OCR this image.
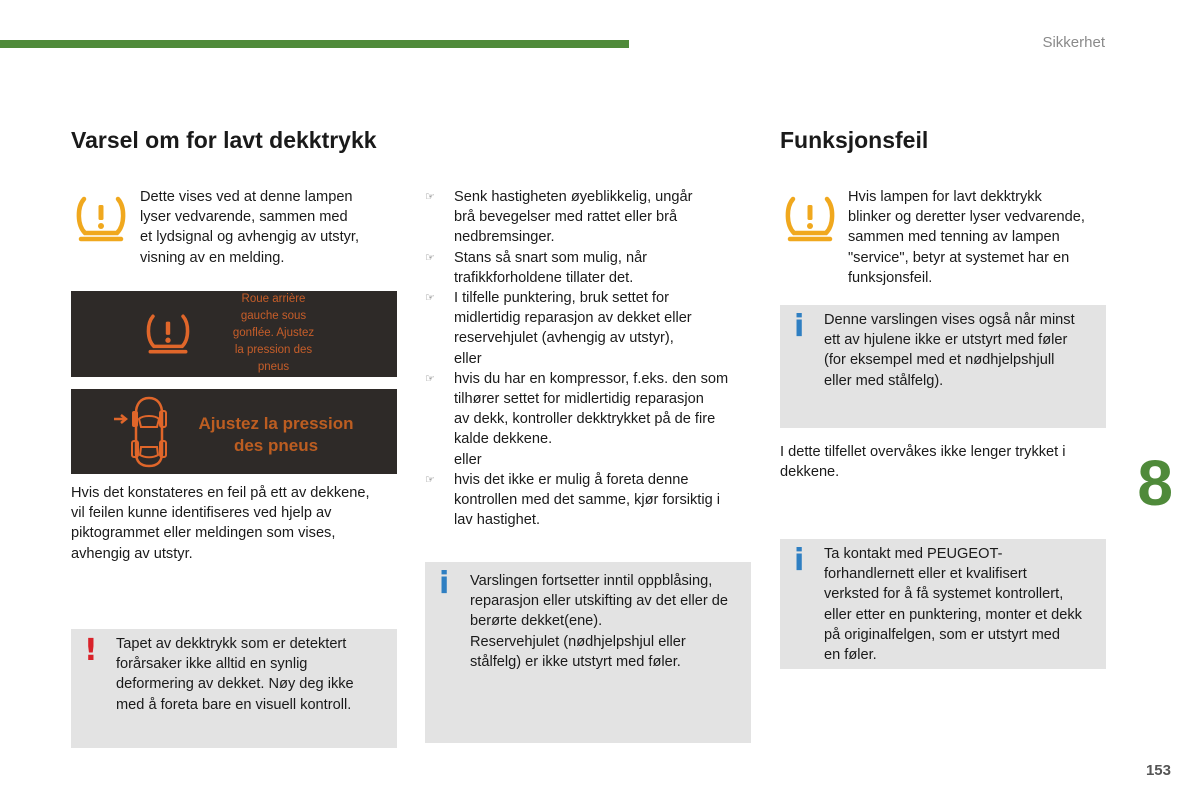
Sikkerhet
Varsel om for lavt dekktrykk
Dette vises ved at denne lampen
lyser vedvarende, sammen med
et lydsignal og avhengig av utstyr,
visning av en melding.
Roue arrière
gauche sous
gonflée. Ajustez
la pression des
pneus
Ajustez la pression
des pneus
Hvis det konstateres en feil på ett av dekkene,
vil feilen kunne identifiseres ved hjelp av
piktogrammet eller meldingen som vises,
avhengig av utstyr.
! Tapet av dekktrykk som er detektert
forårsaker ikke alltid en synlig
deformering av dekket. Nøy deg ikke
med å foreta bare en visuell kontroll.
☞ Senk hastigheten øyeblikkelig, ungår
brå bevegelser med rattet eller brå
nedbremsinger.
☞ Stans så snart som mulig, når
trafikkforholdene tillater det.
☞ I tilfelle punktering, bruk settet for
midlertidig reparasjon av dekket eller
reservehjulet (avhengig av utstyr),
eller
☞ hvis du har en kompressor, f.eks. den som
tilhører settet for midlertidig reparasjon
av dekk, kontroller dekktrykket på de fire
kalde dekkene.
eller
☞ hvis det ikke er mulig å foreta denne
kontrollen med det samme, kjør forsiktig i
lav hastighet.
i Varslingen fortsetter inntil oppblåsing,
reparasjon eller utskifting av det eller de
berørte dekket(ene).
Reservehjulet (nødhjelpshjul eller
stålfelg) er ikke utstyrt med føler.
Funksjonsfeil
Hvis lampen for lavt dekktrykk
blinker og deretter lyser vedvarende,
sammen med tenning av lampen
"service", betyr at systemet har en
funksjonsfeil.
i Denne varslingen vises også når minst
ett av hjulene ikke er utstyrt med føler
(for eksempel med et nødhjelpshjull
eller med stålfelg).
I dette tilfellet overvåkes ikke lenger trykket i
dekkene.
i Ta kontakt med PEUGEOT-
forhandlernett eller et kvalifisert
verksted for å få systemet kontrollert,
eller etter en punktering, monter et dekk
på originalfelgen, som er utstyrt med
en føler.
8
153
